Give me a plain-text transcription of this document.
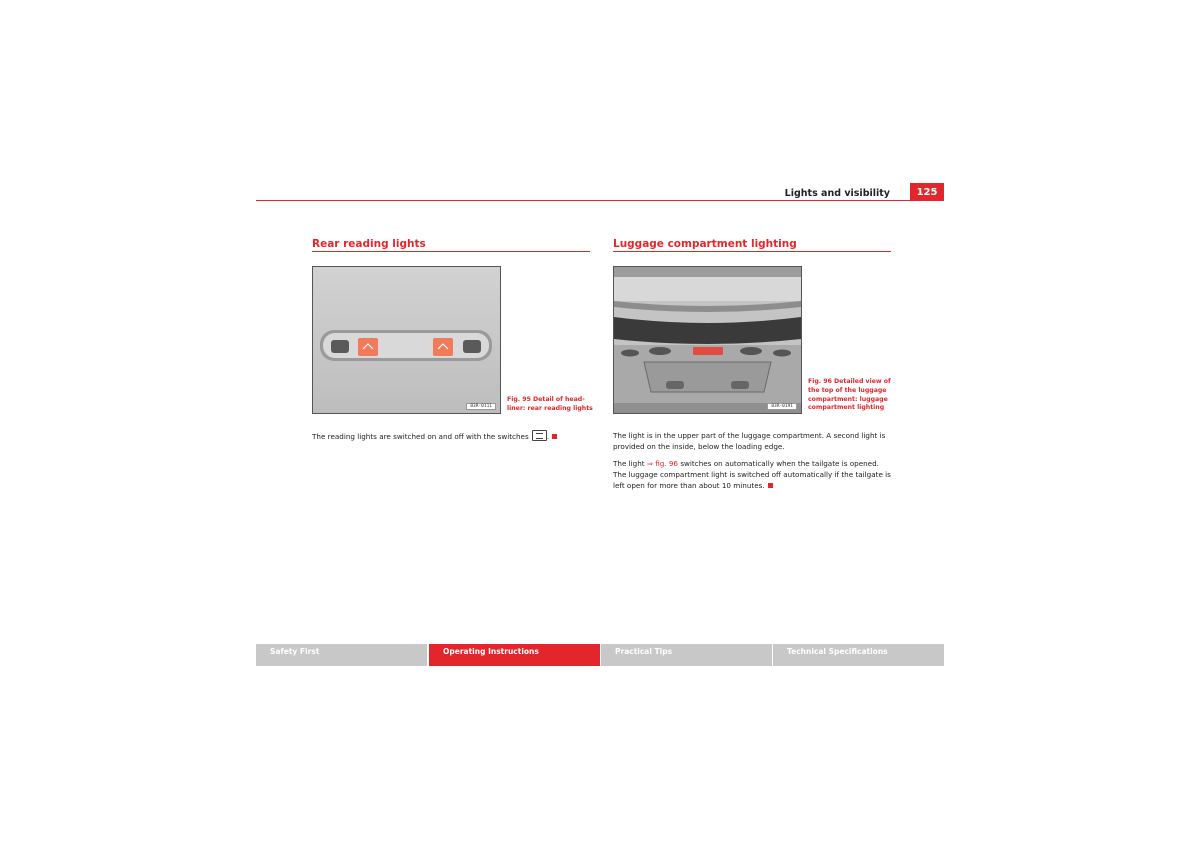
Lights and visibility	125
Rear reading lights
B3R-0111
Fig. 95 Detail of head-
liner: rear reading lights
The reading lights are switched on and off with the switches	.
Luggage compartment lighting
B3R-0191
Fig. 96 Detailed view of
the top of the luggage
compartment: luggage
compartment lighting
The light is in the upper part of the luggage compartment. A second light is provided on the inside, below the loading edge.
The light ⇒ fig. 96 switches on automatically when the tailgate is opened. The luggage compartment light is switched off automatically if the tailgate is left open for more than about 10 minutes.
Safety First	Operating Instructions	Practical Tips	Technical Specifications
